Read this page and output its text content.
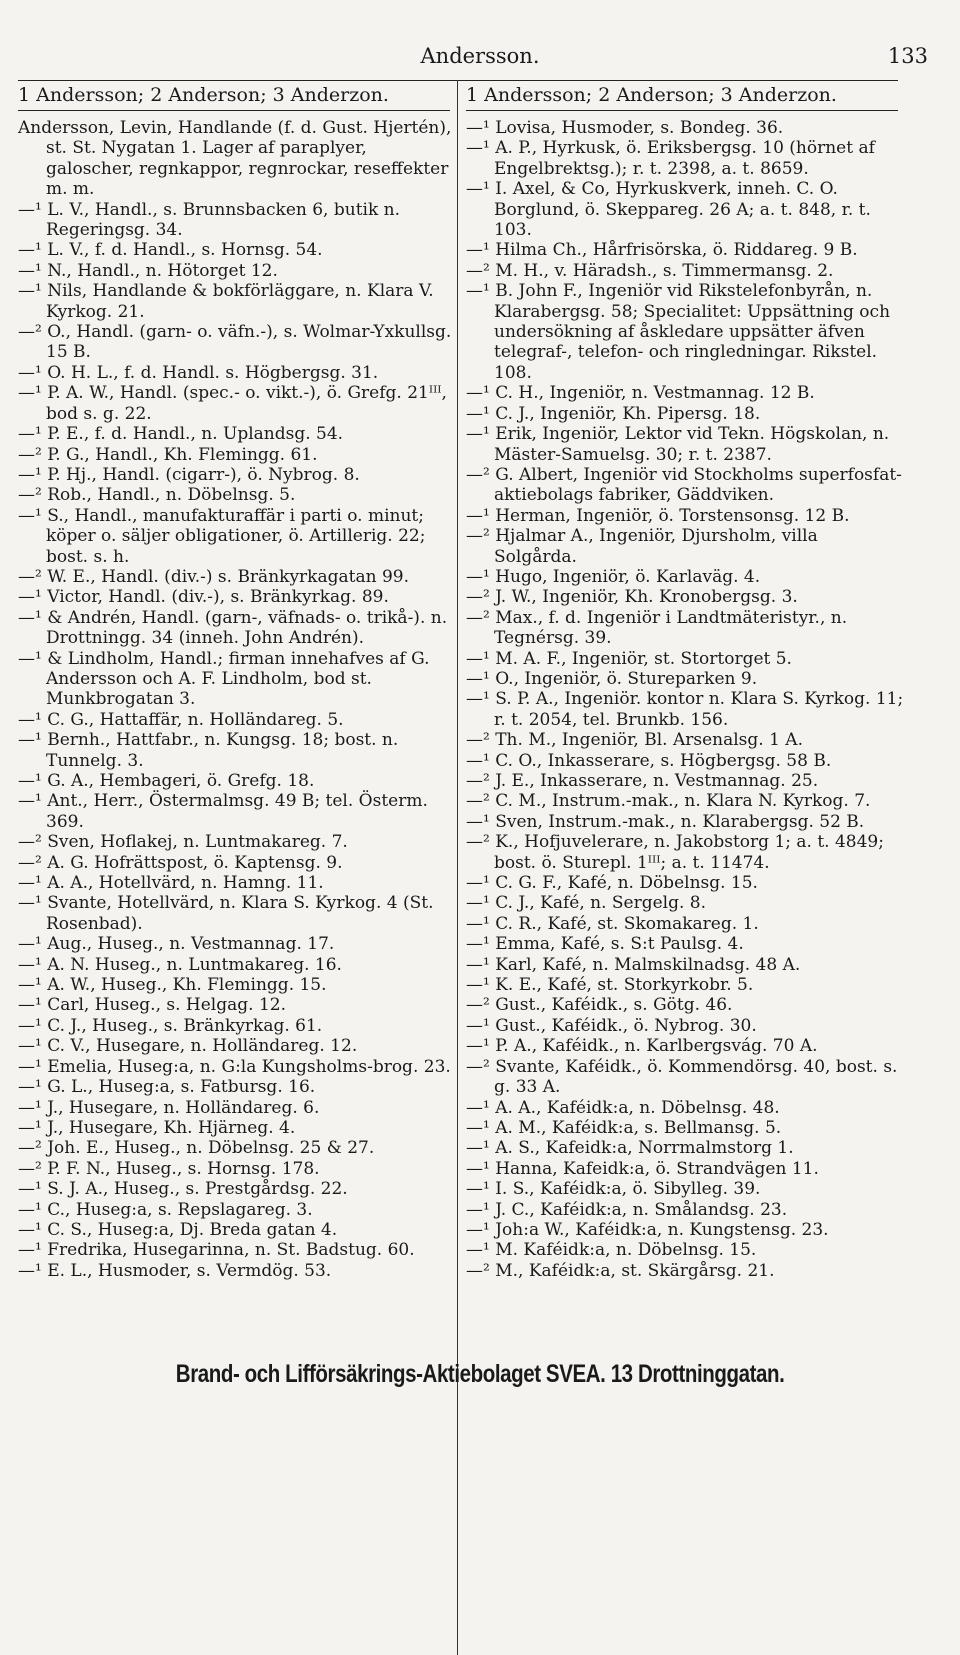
Andersson.	133
1 Andersson; 2 Anderson; 3 Anderzon.	1 Andersson; 2 Anderson; 3 Anderzon.

Andersson, Levin, Handlande (f. d. Gust. Hjertén), st. St. Nygatan 1. Lager af paraplyer, galoscher, regnkappor, regnrockar, reseffekter m. m.

—¹ L. V., Handl., s. Brunnsbacken 6, butik n. Regeringsg. 34.

—¹ L. V., f. d. Handl., s. Hornsg. 54.

—¹ N., Handl., n. Hötorget 12.

—¹ Nils, Handlande & bokförläggare, n. Klara V. Kyrkog. 21.

—² O., Handl. (garn- o. väfn.-), s. Wolmar-Yxkullsg. 15 B.

—¹ O. H. L., f. d. Handl. s. Högbergsg. 31.

—¹ P. A. W., Handl. (spec.- o. vikt.-), ö. Grefg. 21ᴵᴵᴵ, bod s. g. 22.

—¹ P. E., f. d. Handl., n. Uplandsg. 54.

—² P. G., Handl., Kh. Flemingg. 61.

—¹ P. Hj., Handl. (cigarr-), ö. Nybrog. 8.

—² Rob., Handl., n. Döbelnsg. 5.

—¹ S., Handl., manufakturaffär i parti o. minut; köper o. säljer obligationer, ö. Artillerig. 22; bost. s. h.

—² W. E., Handl. (div.-) s. Bränkyrkagatan 99.

—¹ Victor, Handl. (div.-), s. Bränkyrkag. 89.

—¹ & Andrén, Handl. (garn-, väfnads- o. trikå-). n. Drottningg. 34 (inneh. John Andrén).

—¹ & Lindholm, Handl.; firman innehafves af G. Andersson och A. F. Lindholm, bod st. Munkbrogatan 3.

—¹ C. G., Hattaffär, n. Holländareg. 5.

—¹ Bernh., Hattfabr., n. Kungsg. 18; bost. n. Tunnelg. 3.

—¹ G. A., Hembageri, ö. Grefg. 18.

—¹ Ant., Herr., Östermalmsg. 49 B; tel. Österm. 369.

—² Sven, Hoflakej, n. Luntmakareg. 7.

—² A. G. Hofrättspost, ö. Kaptensg. 9.

—¹ A. A., Hotellvärd, n. Hamng. 11.

—¹ Svante, Hotellvärd, n. Klara S. Kyrkog. 4 (St. Rosenbad).

—¹ Aug., Huseg., n. Vestmannag. 17.

—¹ A. N. Huseg., n. Luntmakareg. 16.

—¹ A. W., Huseg., Kh. Flemingg. 15.

—¹ Carl, Huseg., s. Helgag. 12.

—¹ C. J., Huseg., s. Bränkyrkag. 61.

—¹ C. V., Husegare, n. Holländareg. 12.

—¹ Emelia, Huseg:a, n. G:la Kungsholms-brog. 23.

—¹ G. L., Huseg:a, s. Fatbursg. 16.

—¹ J., Husegare, n. Holländareg. 6.

—¹ J., Husegare, Kh. Hjärneg. 4.

—² Joh. E., Huseg., n. Döbelnsg. 25 & 27.

—² P. F. N., Huseg., s. Hornsg. 178.

—¹ S. J. A., Huseg., s. Prestgårdsg. 22.

—¹ C., Huseg:a, s. Repslagareg. 3.

—¹ C. S., Huseg:a, Dj. Breda gatan 4.

—¹ Fredrika, Husegarinna, n. St. Badstug. 60.

—¹ E. L., Husmoder, s. Vermdög. 53.

—¹ Lovisa, Husmoder, s. Bondeg. 36.

—¹ A. P., Hyrkusk, ö. Eriksbergsg. 10 (hörnet af Engelbrektsg.); r. t. 2398, a. t. 8659.

—¹ I. Axel, & Co, Hyrkuskverk, inneh. C. O. Borglund, ö. Skeppareg. 26 A; a. t. 848, r. t. 103.

—¹ Hilma Ch., Hårfrisörska, ö. Riddareg. 9 B.

—² M. H., v. Häradsh., s. Timmermansg. 2.

—¹ B. John F., Ingeniör vid Rikstelefonbyrån, n. Klarabergsg. 58; Specialitet: Uppsättning och undersökning af åskledare uppsätter äfven telegraf-, telefon- och ringledningar. Rikstel. 108.

—¹ C. H., Ingeniör, n. Vestmannag. 12 B.

—¹ C. J., Ingeniör, Kh. Pipersg. 18.

—¹ Erik, Ingeniör, Lektor vid Tekn. Högskolan, n. Mäster-Samuelsg. 30; r. t. 2387.

—² G. Albert, Ingeniör vid Stockholms superfosfat-aktiebolags fabriker, Gäddviken.

—¹ Herman, Ingeniör, ö. Torstensonsg. 12 B.

—² Hjalmar A., Ingeniör, Djursholm, villa Solgårda.

—¹ Hugo, Ingeniör, ö. Karlaväg. 4.

—² J. W., Ingeniör, Kh. Kronobergsg. 3.

—² Max., f. d. Ingeniör i Landtmäteristyr., n. Tegnérsg. 39.

—¹ M. A. F., Ingeniör, st. Stortorget 5.

—¹ O., Ingeniör, ö. Stureparken 9.

—¹ S. P. A., Ingeniör. kontor n. Klara S. Kyrkog. 11; r. t. 2054, tel. Brunkb. 156.

—² Th. M., Ingeniör, Bl. Arsenalsg. 1 A.

—¹ C. O., Inkasserare, s. Högbergsg. 58 B.

—² J. E., Inkasserare, n. Vestmannag. 25.

—² C. M., Instrum.-mak., n. Klara N. Kyrkog. 7.

—¹ Sven, Instrum.-mak., n. Klarabergsg. 52 B.

—² K., Hofjuvelerare, n. Jakobstorg 1; a. t. 4849; bost. ö. Sturepl. 1ᴵᴵᴵ; a. t. 11474.

—¹ C. G. F., Kafé, n. Döbelnsg. 15.

—¹ C. J., Kafé, n. Sergelg. 8.

—¹ C. R., Kafé, st. Skomakareg. 1.

—¹ Emma, Kafé, s. S:t Paulsg. 4.

—¹ Karl, Kafé, n. Malmskilnadsg. 48 A.

—¹ K. E., Kafé, st. Storkyrkobr. 5.

—² Gust., Kaféidk., s. Götg. 46.

—¹ Gust., Kaféidk., ö. Nybrog. 30.

—¹ P. A., Kaféidk., n. Karlbergsvág. 70 A.

—² Svante, Kaféidk., ö. Kommendörsg. 40, bost. s. g. 33 A.

—¹ A. A., Kaféidk:a, n. Döbelnsg. 48.

—¹ A. M., Kaféidk:a, s. Bellmansg. 5.

—¹ A. S., Kafeidk:a, Norrmalmstorg 1.

—¹ Hanna, Kafeidk:a, ö. Strandvägen 11.

—¹ I. S., Kaféidk:a, ö. Sibylleg. 39.

—¹ J. C., Kaféidk:a, n. Smålandsg. 23.

—¹ Joh:a W., Kaféidk:a, n. Kungstensg. 23.

—¹ M. Kaféidk:a, n. Döbelnsg. 15.

—² M., Kaféidk:a, st. Skärgårsg. 21.

Brand- och Lifförsäkrings-Aktiebolaget SVEA. 13 Drottninggatan.
